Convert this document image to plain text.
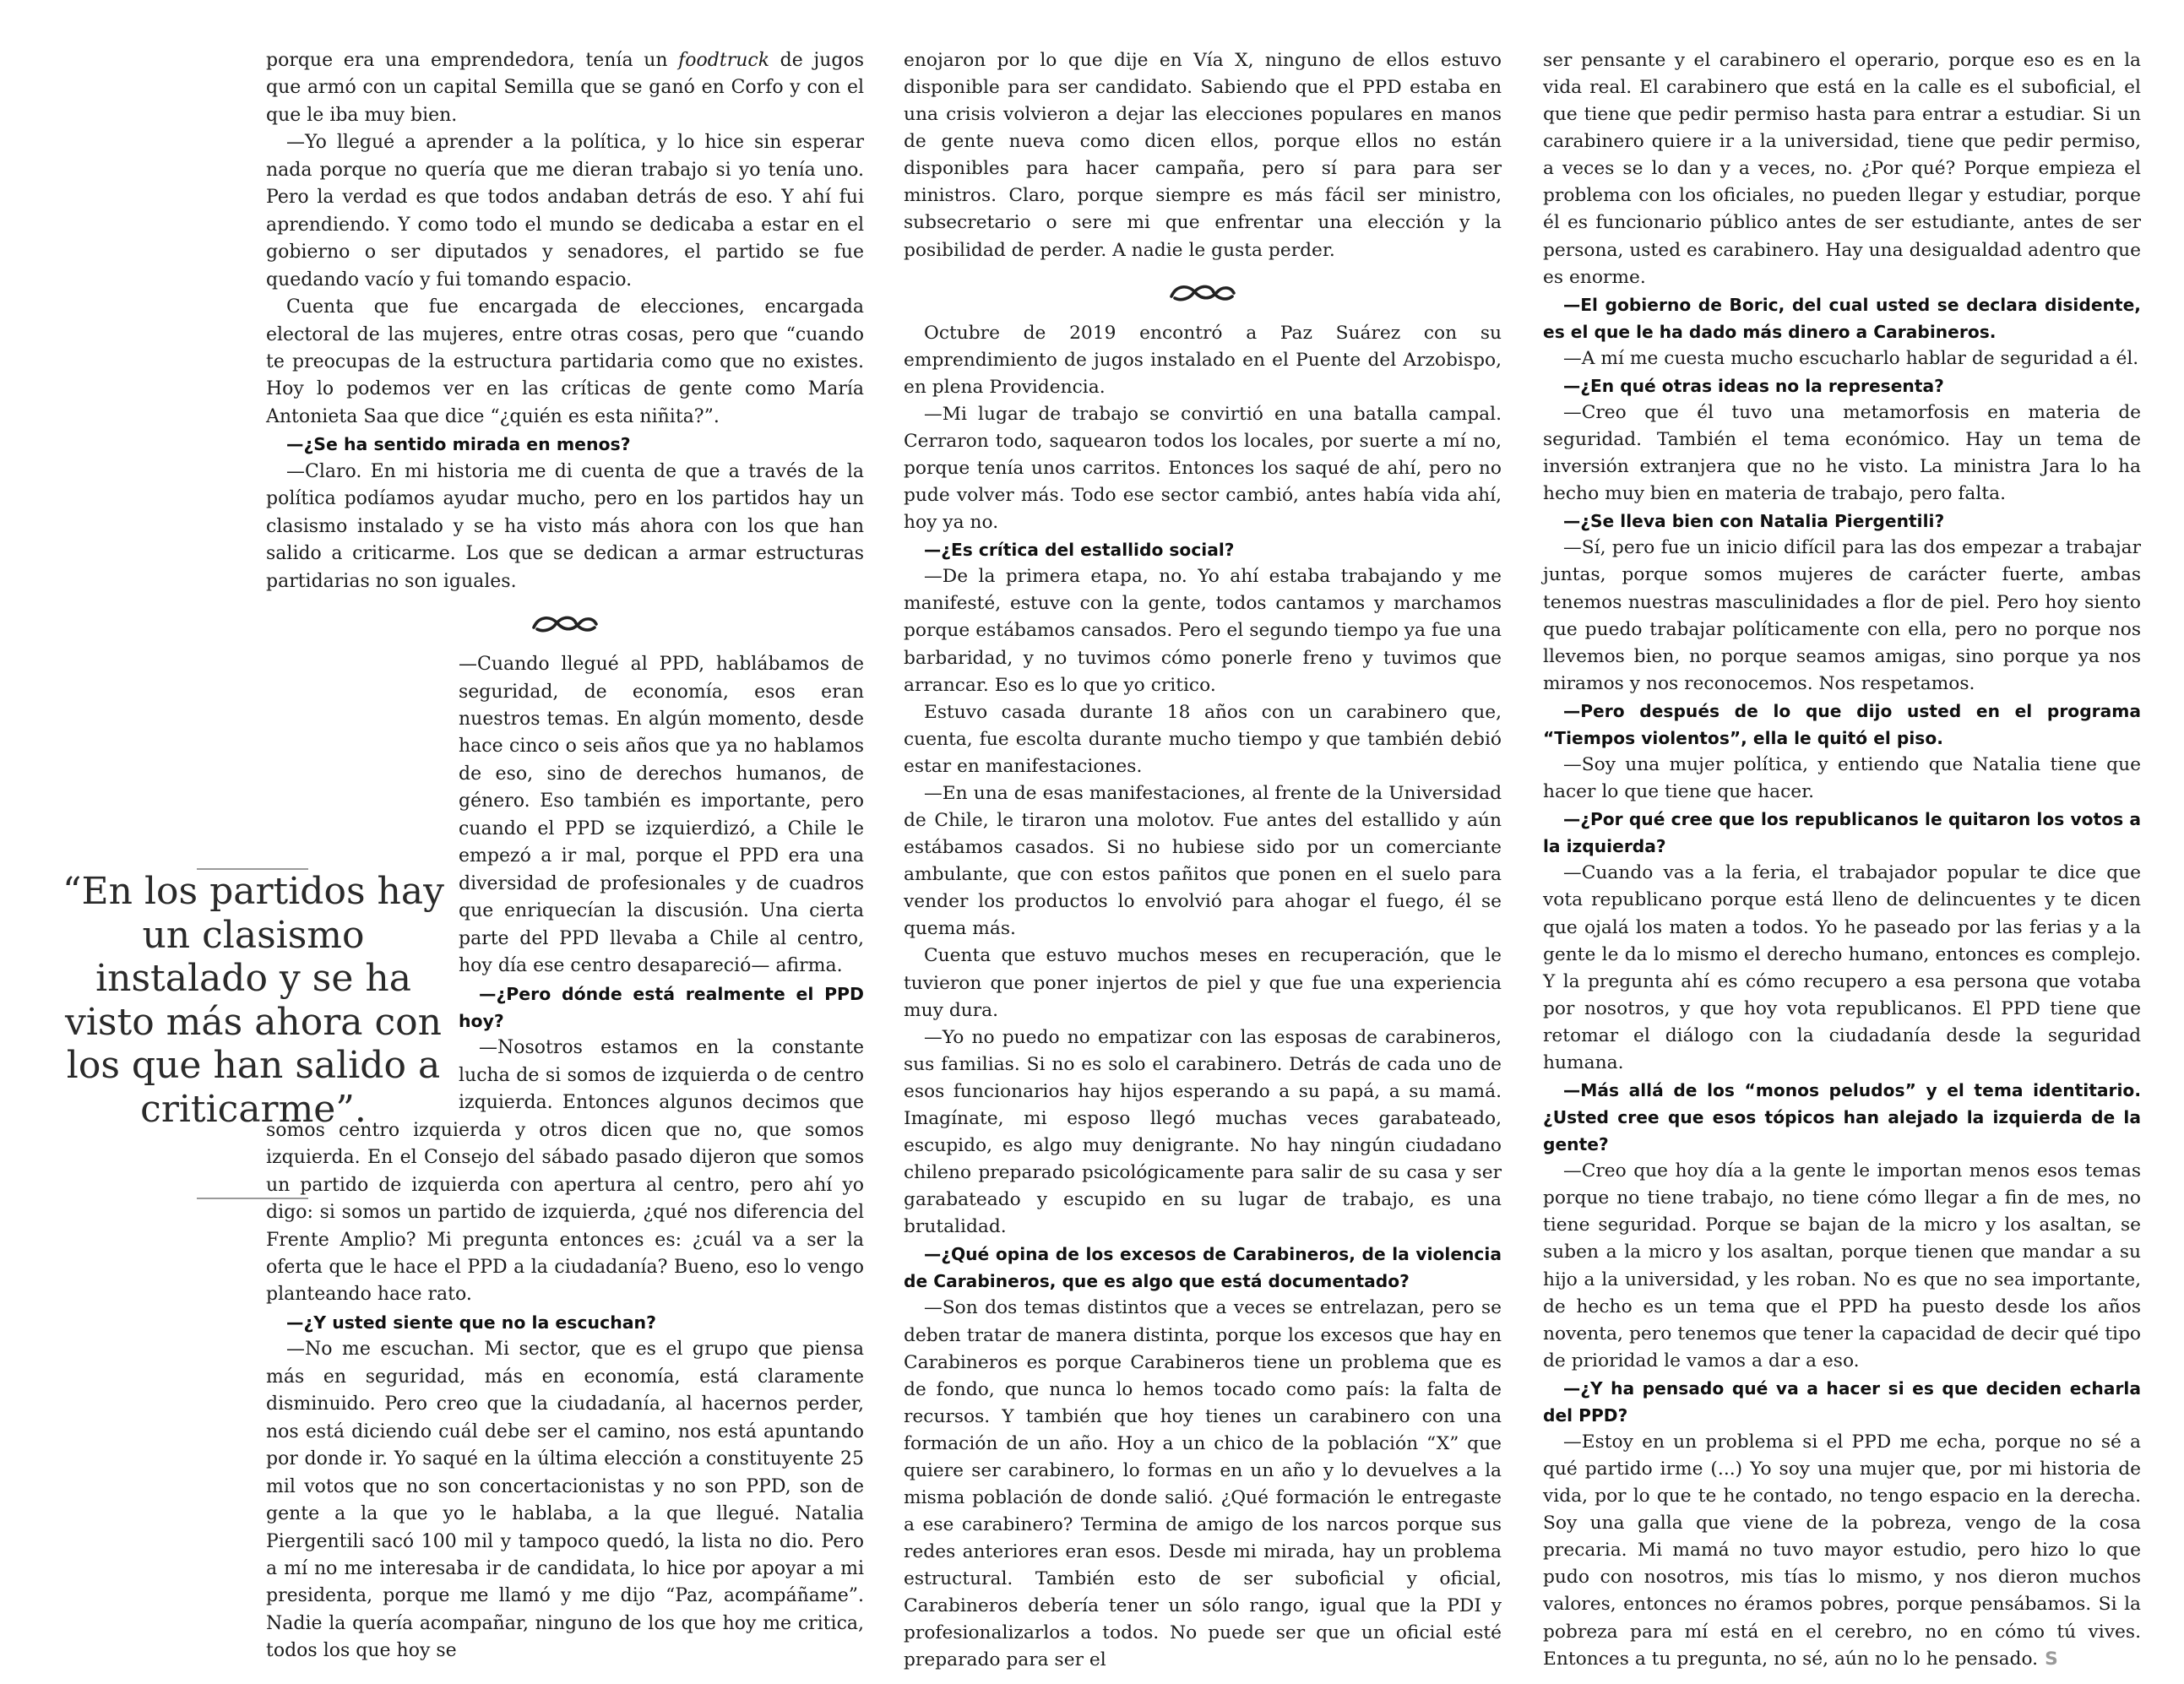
“En los partidos hay un clasismo instalado y se ha visto más ahora con los que han salido a criticarme”.

porque era una emprendedora, tenía un foodtruck de jugos que armó con un capital Semilla que se ganó en Corfo y con el que le iba muy bien.

—Yo llegué a aprender a la política, y lo hice sin esperar nada porque no quería que me dieran trabajo si yo tenía uno. Pero la verdad es que todos andaban detrás de eso. Y ahí fui aprendiendo. Y como todo el mundo se dedicaba a estar en el gobierno o ser diputados y senadores, el partido se fue quedando vacío y fui tomando espacio.

Cuenta que fue encargada de elecciones, encargada electoral de las mujeres, entre otras cosas, pero que “cuando te preocupas de la estructura partidaria como que no existes. Hoy lo podemos ver en las críticas de gente como María Antonieta Saa que dice “¿quién es esta niñita?”.

—¿Se ha sentido mirada en menos?

—Claro. En mi historia me di cuenta de que a través de la política podíamos ayudar mucho, pero en los partidos hay un clasismo instalado y se ha visto más ahora con los que han salido a criticarme. Los que se dedican a armar estructuras partidarias no son iguales.

—Cuando llegué al PPD, hablábamos de seguridad, de economía, esos eran nuestros temas. En algún momento, desde hace cinco o seis años que ya no hablamos de eso, sino de derechos humanos, de género. Eso también es importante, pero cuando el PPD se izquierdizó, a Chile le empezó a ir mal, porque el PPD era una diversidad de profesionales y de cuadros que enriquecían la discusión. Una cierta parte del PPD llevaba a Chile al centro, hoy día ese centro desapareció— afirma.

—¿Pero dónde está realmente el PPD hoy?

—Nosotros estamos en la constante lucha de si somos de izquierda o de centro izquierda. Entonces algunos decimos que somos centro izquierda y otros dicen que no, que somos izquierda. En el Consejo del sábado pasado dijeron que somos un partido de izquierda con apertura al centro, pero ahí yo digo: si somos un partido de izquierda, ¿qué nos diferencia del Frente Amplio? Mi pregunta entonces es: ¿cuál va a ser la oferta que le hace el PPD a la ciudadanía? Bueno, eso lo vengo planteando hace rato.

—¿Y usted siente que no la escuchan?

—No me escuchan. Mi sector, que es el grupo que piensa más en seguridad, más en economía, está claramente disminuido. Pero creo que la ciudadanía, al hacernos perder, nos está diciendo cuál debe ser el camino, nos está apuntando por donde ir. Yo saqué en la última elección a constituyente 25 mil votos que no son concertacionistas y no son PPD, son de gente a la que yo le hablaba, a la que llegué. Natalia Piergentili sacó 100 mil y tampoco quedó, la lista no dio. Pero a mí no me interesaba ir de candidata, lo hice por apoyar a mi presidenta, porque me llamó y me dijo “Paz, acompáñame”. Nadie la quería acompañar, ninguno de los que hoy me critica, todos los que hoy se

enojaron por lo que dije en Vía X, ninguno de ellos estuvo disponible para ser candidato. Sabiendo que el PPD estaba en una crisis volvieron a dejar las elecciones populares en manos de gente nueva como dicen ellos, porque ellos no están disponibles para hacer campaña, pero sí para para ser ministros. Claro, porque siempre es más fácil ser ministro, subsecretario o sere mi que enfrentar una elección y la posibilidad de perder. A nadie le gusta perder.

Octubre de 2019 encontró a Paz Suárez con su emprendimiento de jugos instalado en el Puente del Arzobispo, en plena Providencia.

—Mi lugar de trabajo se convirtió en una batalla campal. Cerraron todo, saquearon todos los locales, por suerte a mí no, porque tenía unos carritos. Entonces los saqué de ahí, pero no pude volver más. Todo ese sector cambió, antes había vida ahí, hoy ya no.

—¿Es crítica del estallido social?

—De la primera etapa, no. Yo ahí estaba trabajando y me manifesté, estuve con la gente, todos cantamos y marchamos porque estábamos cansados. Pero el segundo tiempo ya fue una barbaridad, y no tuvimos cómo ponerle freno y tuvimos que arrancar. Eso es lo que yo critico.

Estuvo casada durante 18 años con un carabinero que, cuenta, fue escolta durante mucho tiempo y que también debió estar en manifestaciones.

—En una de esas manifestaciones, al frente de la Universidad de Chile, le tiraron una molotov. Fue antes del estallido y aún estábamos casados. Si no hubiese sido por un comerciante ambulante, que con estos pañitos que ponen en el suelo para vender los productos lo envolvió para ahogar el fuego, él se quema más.

Cuenta que estuvo muchos meses en recuperación, que le tuvieron que poner injertos de piel y que fue una experiencia muy dura.

—Yo no puedo no empatizar con las esposas de carabineros, sus familias. Si no es solo el carabinero. Detrás de cada uno de esos funcionarios hay hijos esperando a su papá, a su mamá. Imagínate, mi esposo llegó muchas veces garabateado, escupido, es algo muy denigrante. No hay ningún ciudadano chileno preparado psicológicamente para salir de su casa y ser garabateado y escupido en su lugar de trabajo, es una brutalidad.

—¿Qué opina de los excesos de Carabineros, de la violencia de Carabineros, que es algo que está documentado?

—Son dos temas distintos que a veces se entrelazan, pero se deben tratar de manera distinta, porque los excesos que hay en Carabineros es porque Carabineros tiene un problema que es de fondo, que nunca lo hemos tocado como país: la falta de recursos. Y también que hoy tienes un carabinero con una formación de un año. Hoy a un chico de la población “X” que quiere ser carabinero, lo formas en un año y lo devuelves a la misma población de donde salió. ¿Qué formación le entregaste a ese carabinero? Termina de amigo de los narcos porque sus redes anteriores eran esos. Desde mi mirada, hay un problema estructural. También esto de ser suboficial y oficial, Carabineros debería tener un sólo rango, igual que la PDI y profesionalizarlos a todos. No puede ser que un oficial esté preparado para ser el

ser pensante y el carabinero el operario, porque eso es en la vida real. El carabinero que está en la calle es el suboficial, el que tiene que pedir permiso hasta para entrar a estudiar. Si un carabinero quiere ir a la universidad, tiene que pedir permiso, a veces se lo dan y a veces, no. ¿Por qué? Porque empieza el problema con los oficiales, no pueden llegar y estudiar, porque él es funcionario público antes de ser estudiante, antes de ser persona, usted es carabinero. Hay una desigualdad adentro que es enorme.

—El gobierno de Boric, del cual usted se declara disidente, es el que le ha dado más dinero a Carabineros.

—A mí me cuesta mucho escucharlo hablar de seguridad a él.

—¿En qué otras ideas no la representa?

—Creo que él tuvo una metamorfosis en materia de seguridad. También el tema económico. Hay un tema de inversión extranjera que no he visto. La ministra Jara lo ha hecho muy bien en materia de trabajo, pero falta.

—¿Se lleva bien con Natalia Piergentili?

—Sí, pero fue un inicio difícil para las dos empezar a trabajar juntas, porque somos mujeres de carácter fuerte, ambas tenemos nuestras masculinidades a flor de piel. Pero hoy siento que puedo trabajar políticamente con ella, pero no porque nos llevemos bien, no porque seamos amigas, sino porque ya nos miramos y nos reconocemos. Nos respetamos.

—Pero después de lo que dijo usted en el programa “Tiempos violentos”, ella le quitó el piso.

—Soy una mujer política, y entiendo que Natalia tiene que hacer lo que tiene que hacer.

—¿Por qué cree que los republicanos le quitaron los votos a la izquierda?

—Cuando vas a la feria, el trabajador popular te dice que vota republicano porque está lleno de delincuentes y te dicen que ojalá los maten a todos. Yo he paseado por las ferias y a la gente le da lo mismo el derecho humano, entonces es complejo. Y la pregunta ahí es cómo recupero a esa persona que votaba por nosotros, y que hoy vota republicanos. El PPD tiene que retomar el diálogo con la ciudadanía desde la seguridad humana.

—Más allá de los “monos peludos” y el tema identitario. ¿Usted cree que esos tópicos han alejado la izquierda de la gente?

—Creo que hoy día a la gente le importan menos esos temas porque no tiene trabajo, no tiene cómo llegar a fin de mes, no tiene seguridad. Porque se bajan de la micro y los asaltan, se suben a la micro y los asaltan, porque tienen que mandar a su hijo a la universidad, y les roban. No es que no sea importante, de hecho es un tema que el PPD ha puesto desde los años noventa, pero tenemos que tener la capacidad de decir qué tipo de prioridad le vamos a dar a eso.

—¿Y ha pensado qué va a hacer si es que deciden echarla del PPD?

—Estoy en un problema si el PPD me echa, porque no sé a qué partido irme (...) Yo soy una mujer que, por mi historia de vida, por lo que te he contado, no tengo espacio en la derecha. Soy una galla que viene de la pobreza, vengo de la cosa precaria. Mi mamá no tuvo mayor estudio, pero hizo lo que pudo con nosotros, mis tías lo mismo, y nos dieron muchos valores, entonces no éramos pobres, porque pensábamos. Si la pobreza para mí está en el cerebro, no en cómo tú vives. Entonces a tu pregunta, no sé, aún no lo he pensado. S
